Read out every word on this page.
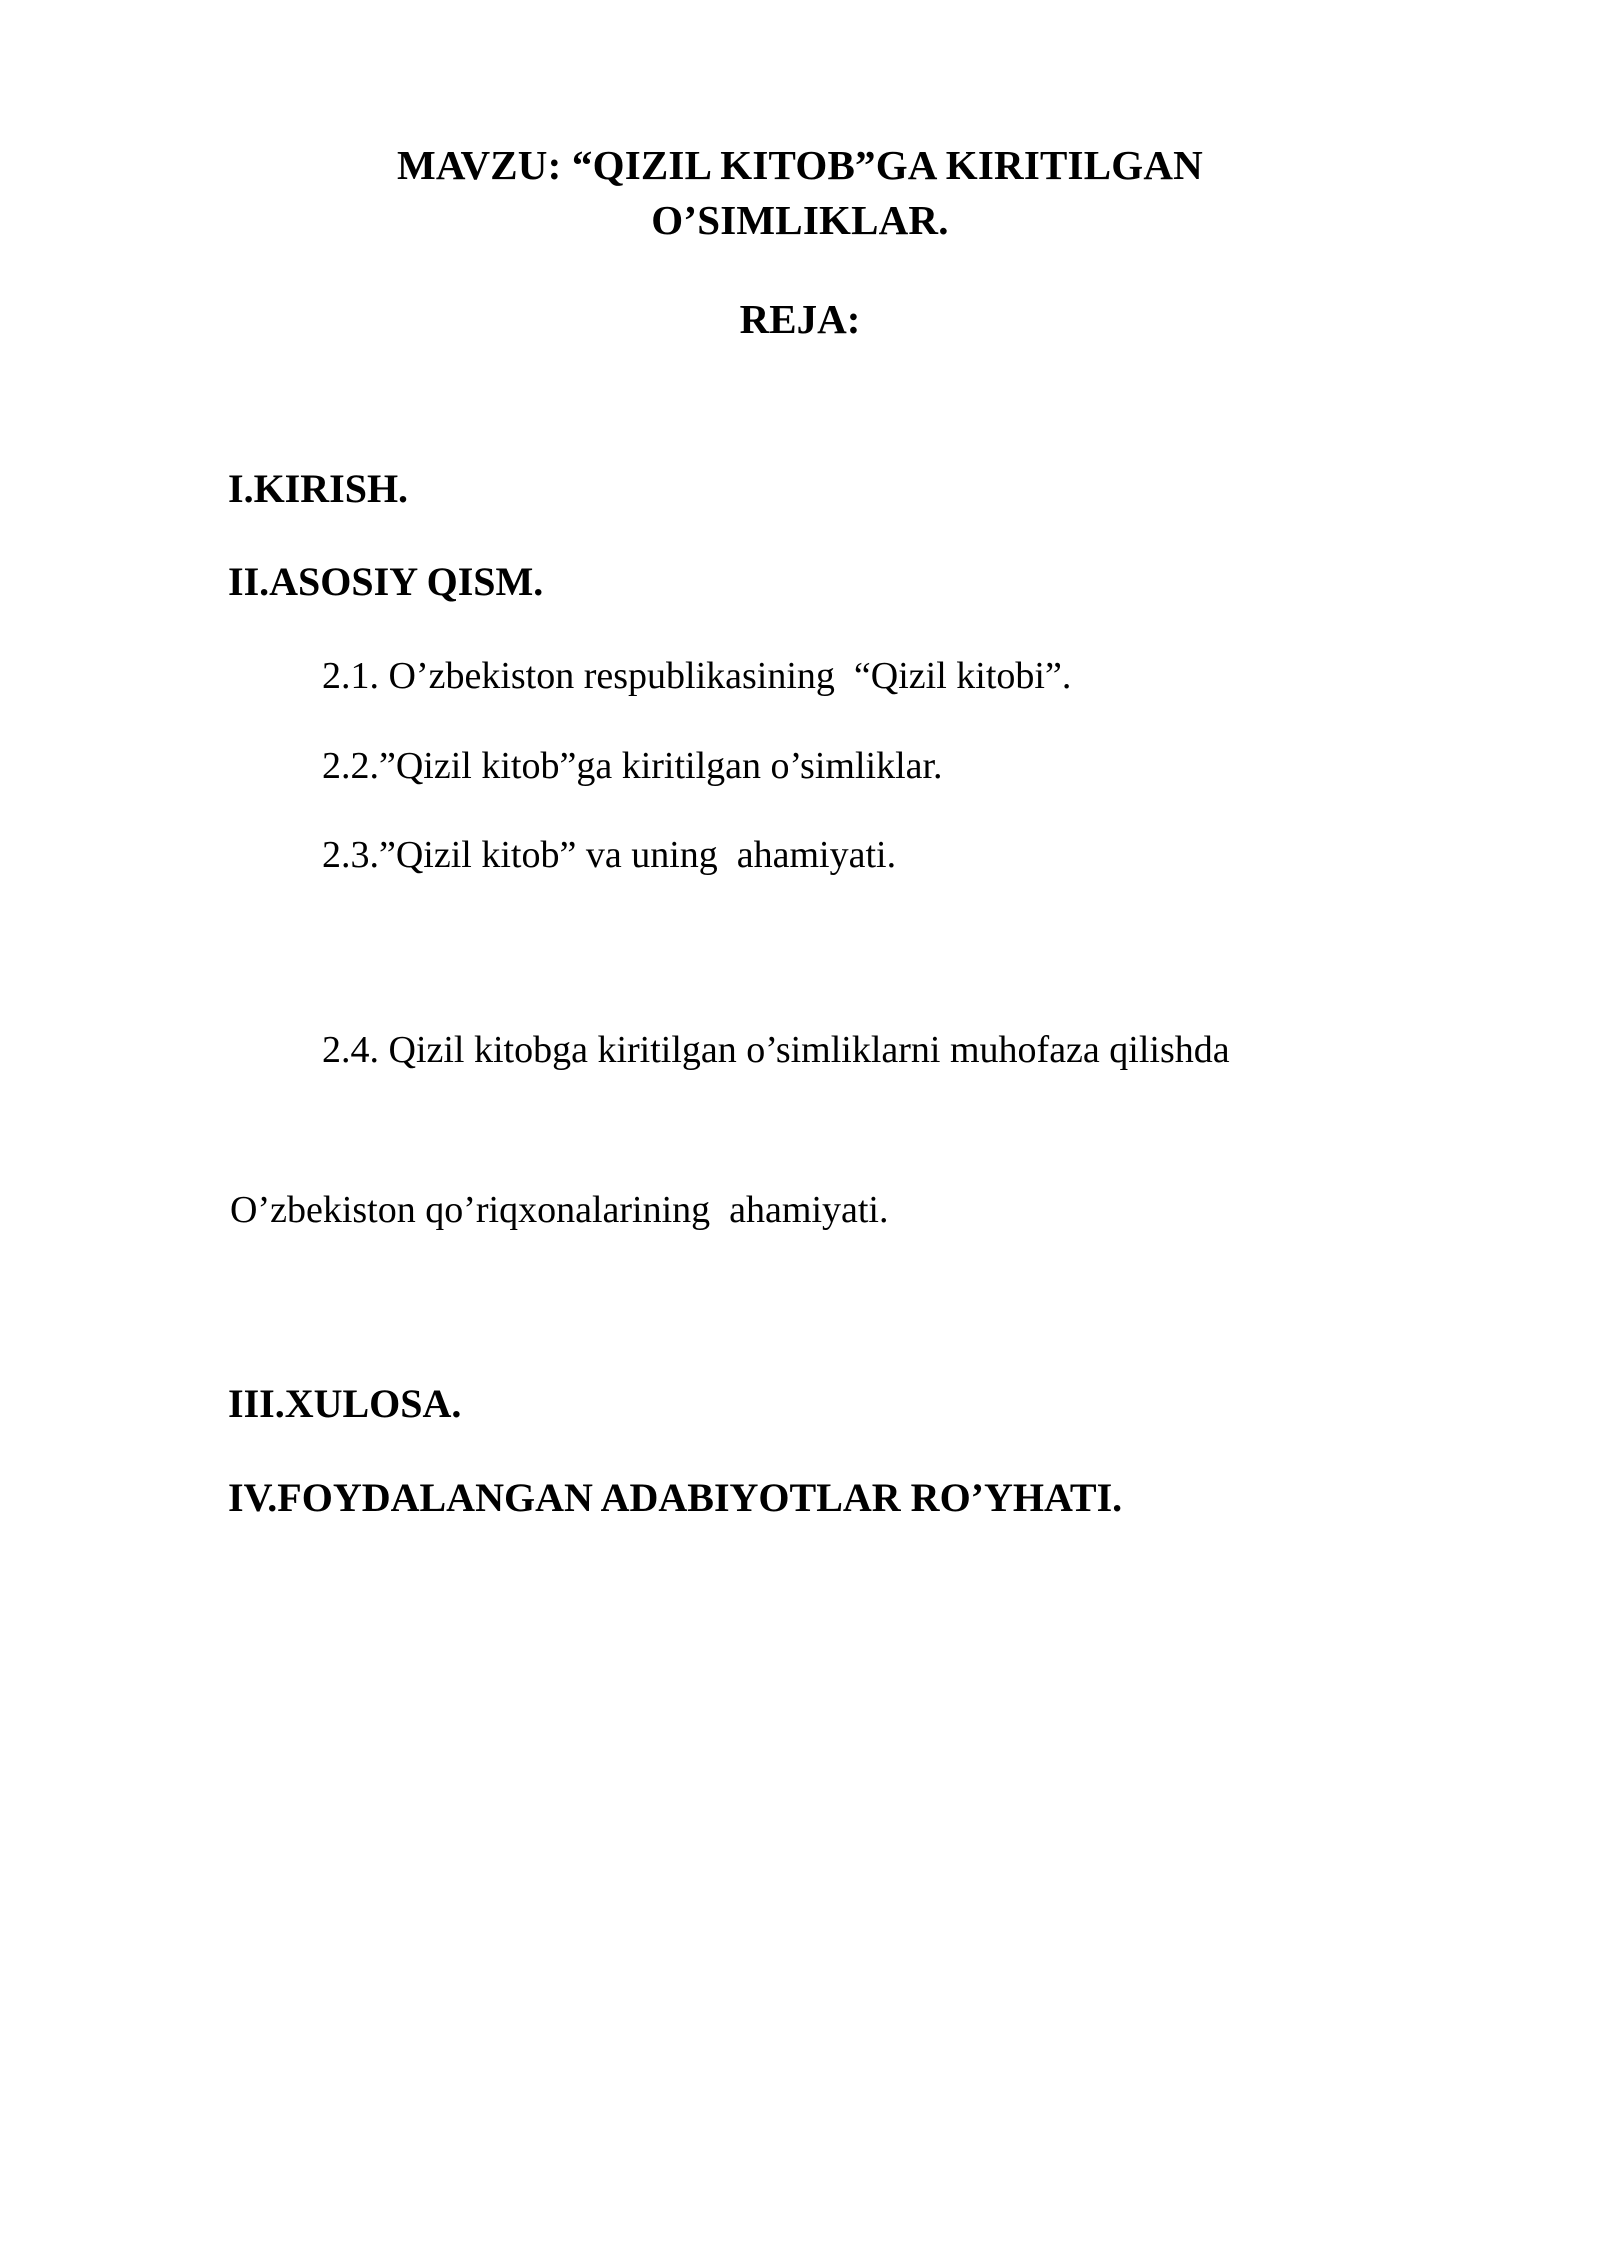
MAVZU: “QIZIL KITOB”GA KIRITILGAN
O’SIMLIKLAR.
REJA:

I.KIRISH.

II.ASOSIY QISM.

2.1. O’zbekiston respublikasining  “Qizil kitobi”.

2.2.”Qizil kitob”ga kiritilgan o’simliklar.

2.3.”Qizil kitob” va uning  ahamiyati.

2.4. Qizil kitobga kiritilgan o’simliklarni muhofaza qilishda

O’zbekiston qo’riqxonalarining  ahamiyati.

III.XULOSA.

IV.FOYDALANGAN ADABIYOTLAR RO’YHATI.
